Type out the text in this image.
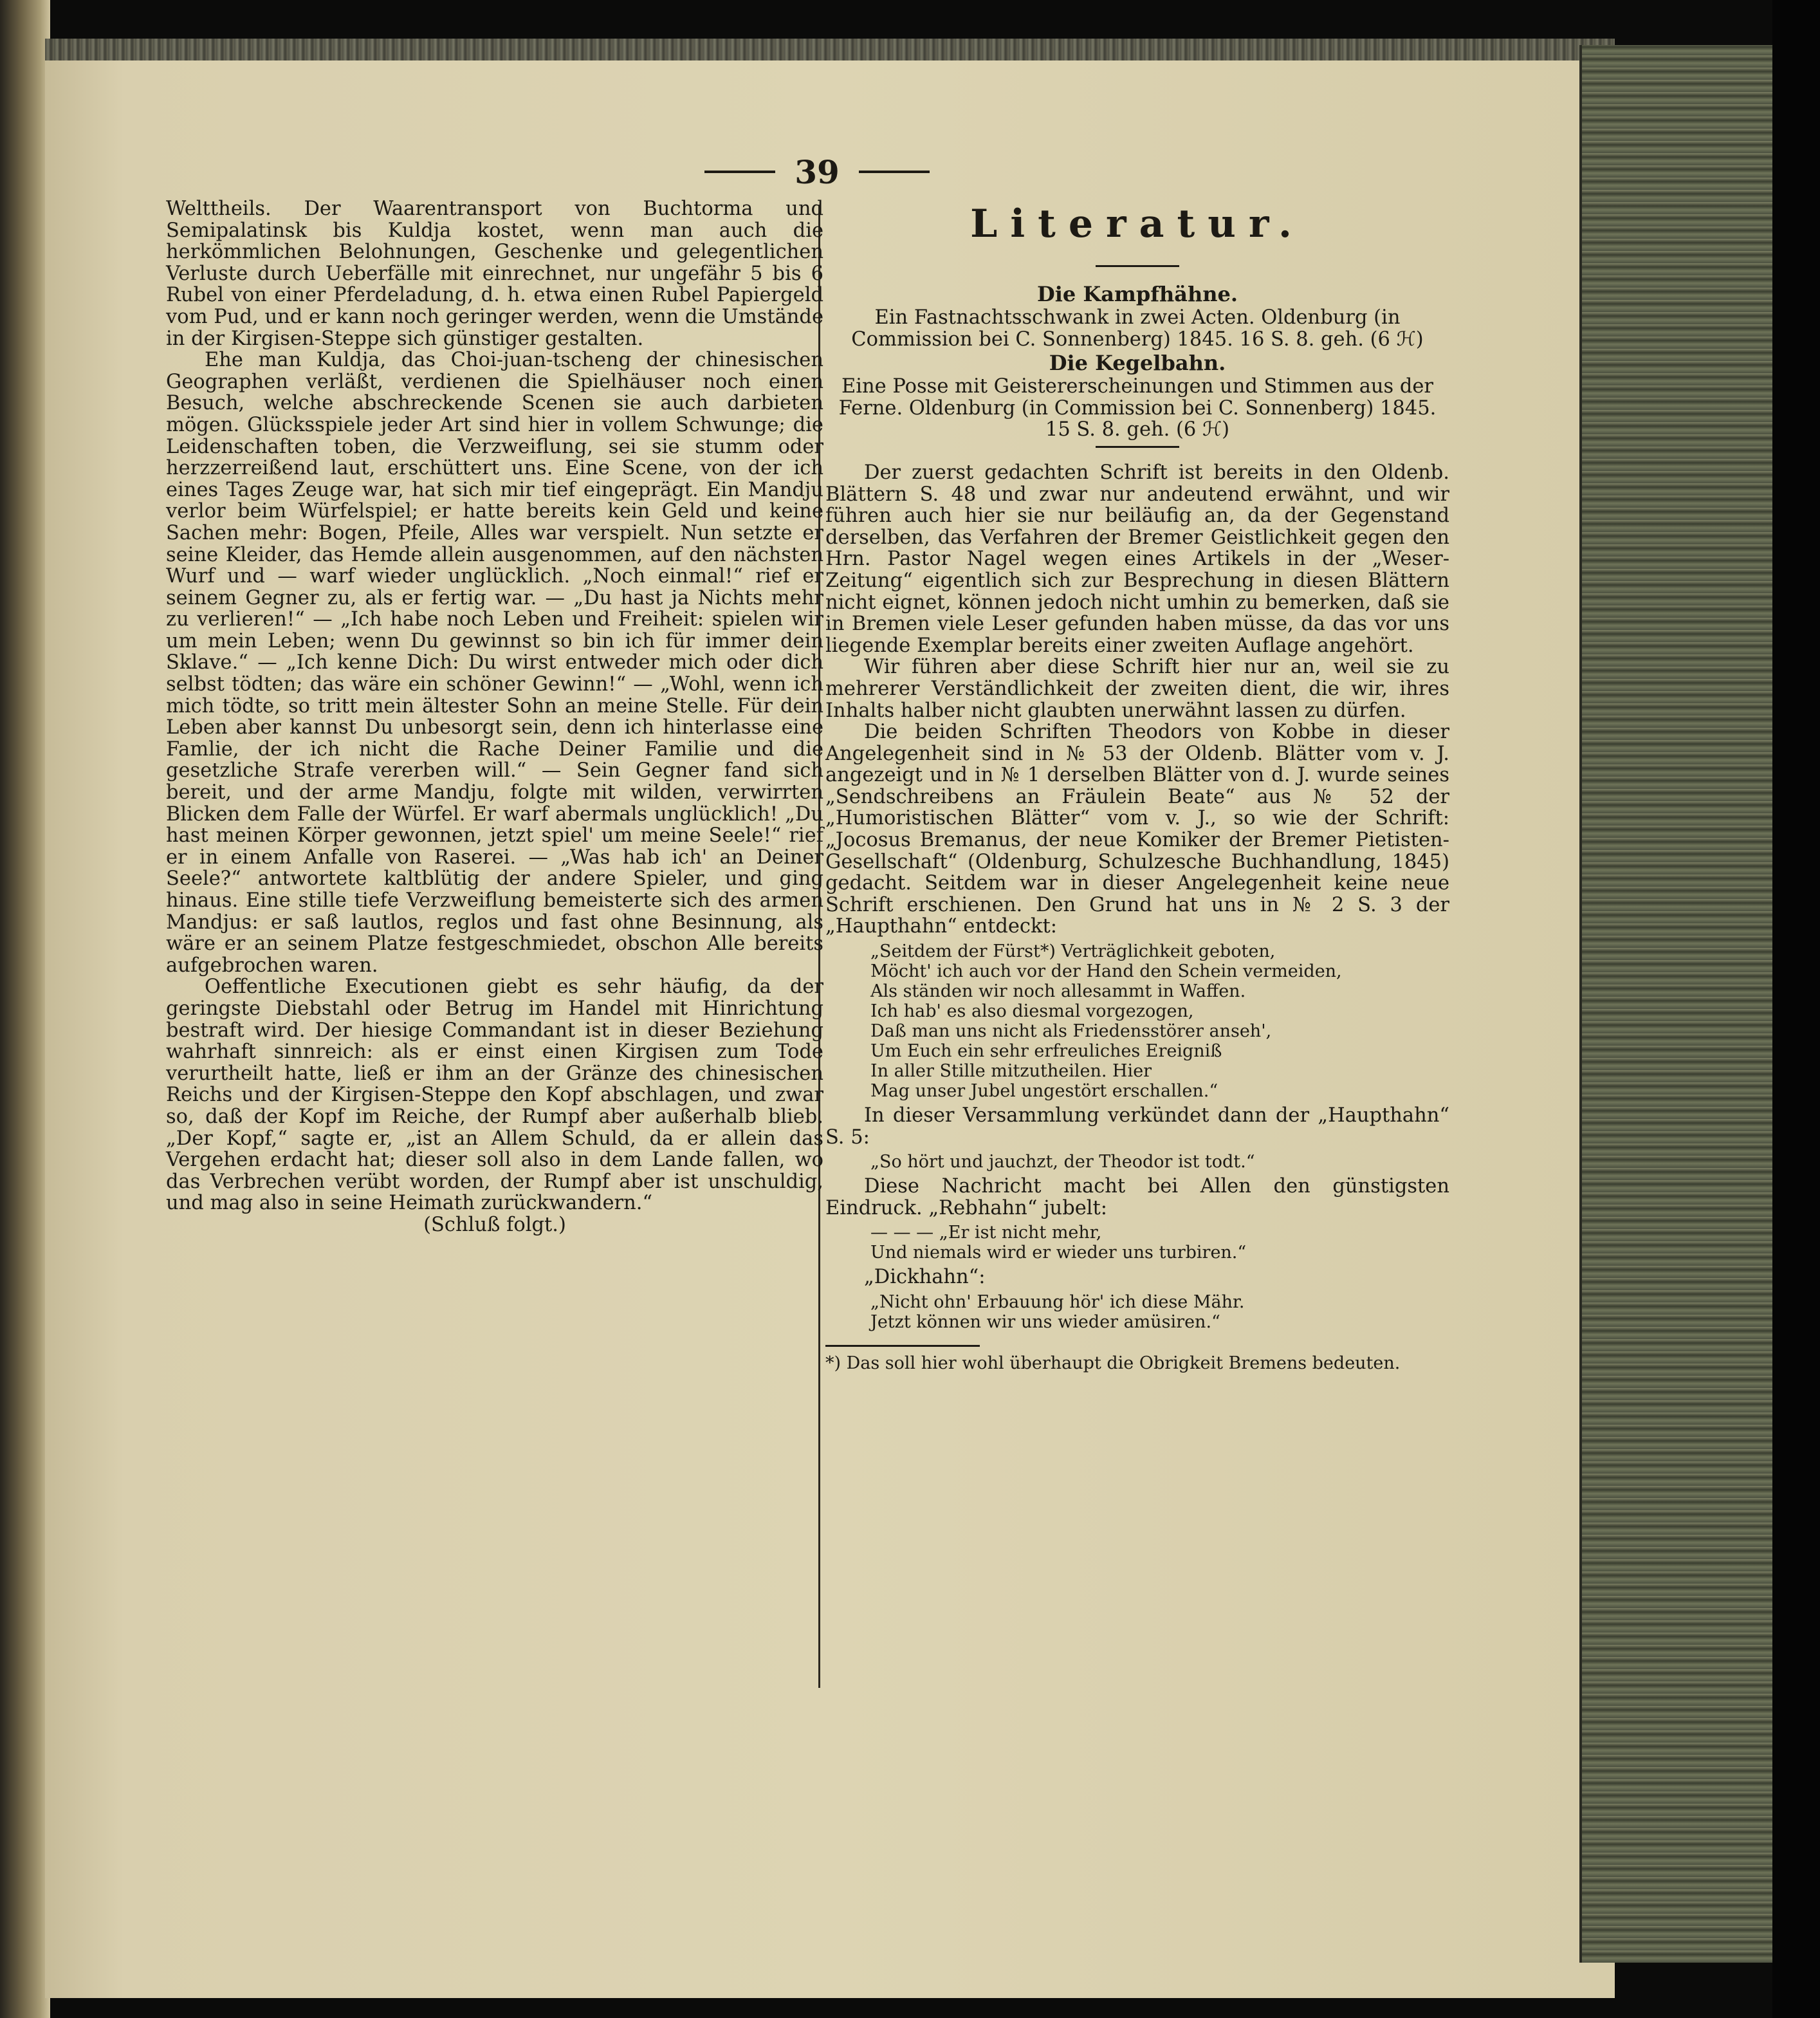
39

Welttheils. Der Waarentransport von Buchtorma und Semipalatinsk bis Kuldja kostet, wenn man auch die herkömmlichen Belohnungen, Geschenke und gelegentlichen Verluste durch Ueberfälle mit einrechnet, nur ungefähr 5 bis 6 Rubel von einer Pferdeladung, d. h. etwa einen Rubel Papiergeld vom Pud, und er kann noch geringer werden, wenn die Umstände in der Kirgisen-Steppe sich günstiger gestalten.

Ehe man Kuldja, das Choi-juan-tscheng der chinesischen Geographen verläßt, verdienen die Spielhäuser noch einen Besuch, welche abschreckende Scenen sie auch darbieten mögen. Glücksspiele jeder Art sind hier in vollem Schwunge; die Leidenschaften toben, die Verzweiflung, sei sie stumm oder herzzerreißend laut, erschüttert uns. Eine Scene, von der ich eines Tages Zeuge war, hat sich mir tief eingeprägt. Ein Mandju verlor beim Würfelspiel; er hatte bereits kein Geld und keine Sachen mehr: Bogen, Pfeile, Alles war verspielt. Nun setzte er seine Kleider, das Hemde allein ausgenommen, auf den nächsten Wurf und — warf wieder unglücklich. „Noch einmal!“ rief er seinem Gegner zu, als er fertig war. — „Du hast ja Nichts mehr zu verlieren!“ — „Ich habe noch Leben und Freiheit: spielen wir um mein Leben; wenn Du gewinnst so bin ich für immer dein Sklave.“ — „Ich kenne Dich: Du wirst entweder mich oder dich selbst tödten; das wäre ein schöner Gewinn!“ — „Wohl, wenn ich mich tödte, so tritt mein ältester Sohn an meine Stelle. Für dein Leben aber kannst Du unbesorgt sein, denn ich hinterlasse eine Famlie, der ich nicht die Rache Deiner Familie und die gesetzliche Strafe vererben will.“ — Sein Gegner fand sich bereit, und der arme Mandju, folgte mit wilden, verwirrten Blicken dem Falle der Würfel. Er warf abermals unglücklich! „Du hast meinen Körper gewonnen, jetzt spiel' um meine Seele!“ rief er in einem Anfalle von Raserei. — „Was hab ich' an Deiner Seele?“ antwortete kaltblütig der andere Spieler, und ging hinaus. Eine stille tiefe Verzweiflung bemeisterte sich des armen Mandjus: er saß lautlos, reglos und fast ohne Besinnung, als wäre er an seinem Platze festgeschmiedet, obschon Alle bereits aufgebrochen waren.

Oeffentliche Executionen giebt es sehr häufig, da der geringste Diebstahl oder Betrug im Handel mit Hinrichtung bestraft wird. Der hiesige Commandant ist in dieser Beziehung wahrhaft sinnreich: als er einst einen Kirgisen zum Tode verurtheilt hatte, ließ er ihm an der Gränze des chinesischen Reichs und der Kirgisen-Steppe den Kopf abschlagen, und zwar so, daß der Kopf im Reiche, der Rumpf aber außerhalb blieb. „Der Kopf,“ sagte er, „ist an Allem Schuld, da er allein das Vergehen erdacht hat; dieser soll also in dem Lande fallen, wo das Verbrechen verübt worden, der Rumpf aber ist unschuldig, und mag also in seine Heimath zurückwandern.“

(Schluß folgt.)

Literatur.

Die Kampfhähne.

Ein Fastnachtsschwank in zwei Acten. Oldenburg (in Commission bei C. Sonnenberg) 1845. 16 S. 8. geh. (6 ℋ)

Die Kegelbahn.

Eine Posse mit Geistererscheinungen und Stimmen aus der Ferne. Oldenburg (in Commission bei C. Sonnenberg) 1845. 15 S. 8. geh. (6 ℋ)

Der zuerst gedachten Schrift ist bereits in den Oldenb. Blättern S. 48 und zwar nur andeutend erwähnt, und wir führen auch hier sie nur beiläufig an, da der Gegenstand derselben, das Verfahren der Bremer Geistlichkeit gegen den Hrn. Pastor Nagel wegen eines Artikels in der „Weser-Zeitung“ eigentlich sich zur Besprechung in diesen Blättern nicht eignet, können jedoch nicht umhin zu bemerken, daß sie in Bremen viele Leser gefunden haben müsse, da das vor uns liegende Exemplar bereits einer zweiten Auflage angehört.

Wir führen aber diese Schrift hier nur an, weil sie zu mehrerer Verständlichkeit der zweiten dient, die wir, ihres Inhalts halber nicht glaubten unerwähnt lassen zu dürfen.

Die beiden Schriften Theodors von Kobbe in dieser Angelegenheit sind in № 53 der Oldenb. Blätter vom v. J. angezeigt und in № 1 derselben Blätter von d. J. wurde seines „Sendschreibens an Fräulein Beate“ aus № 52 der „Humoristischen Blätter“ vom v. J., so wie der Schrift: „Jocosus Bremanus, der neue Komiker der Bremer Pietisten-Gesellschaft“ (Oldenburg, Schulzesche Buchhandlung, 1845) gedacht. Seitdem war in dieser Angelegenheit keine neue Schrift erschienen. Den Grund hat uns in № 2 S. 3 der „Haupthahn“ entdeckt:

„Seitdem der Fürst*) Verträglichkeit geboten,
Möcht' ich auch vor der Hand den Schein vermeiden,
Als ständen wir noch allesammt in Waffen.
Ich hab' es also diesmal vorgezogen,
Daß man uns nicht als Friedensstörer anseh',
Um Euch ein sehr erfreuliches Ereigniß
In aller Stille mitzutheilen. Hier
Mag unser Jubel ungestört erschallen.“

In dieser Versammlung verkündet dann der „Haupthahn“ S. 5:

„So hört und jauchzt, der Theodor ist todt.“

Diese Nachricht macht bei Allen den günstigsten Eindruck. „Rebhahn“ jubelt:

— — — „Er ist nicht mehr,
Und niemals wird er wieder uns turbiren.“

„Dickhahn“:

„Nicht ohn' Erbauung hör' ich diese Mähr.
Jetzt können wir uns wieder amüsiren.“

*) Das soll hier wohl überhaupt die Obrigkeit Bremens bedeuten.
